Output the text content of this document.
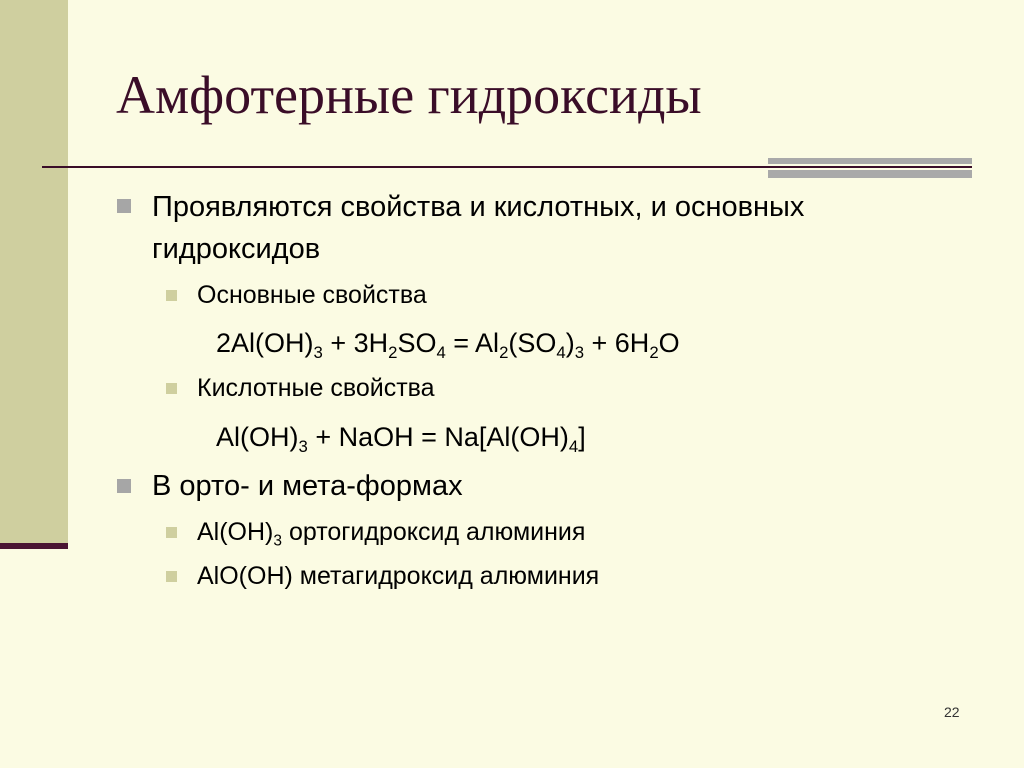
Амфотерные гидроксиды
Проявляются свойства и кислотных, и основных
гидроксидов
Основные свойства
$2Al(OH)_3 + 3H_2SO_4 = Al_2(SO_4)_3 + 6H_2O$
Кислотные свойства
$Al(OH)_3$ + NaOH = $Na[Al(OH)_4]$
В орто- и мета-формах
$Al(OH)_3$ ортогидроксид алюминия
AlO(OH) метагидроксид алюминия
22
